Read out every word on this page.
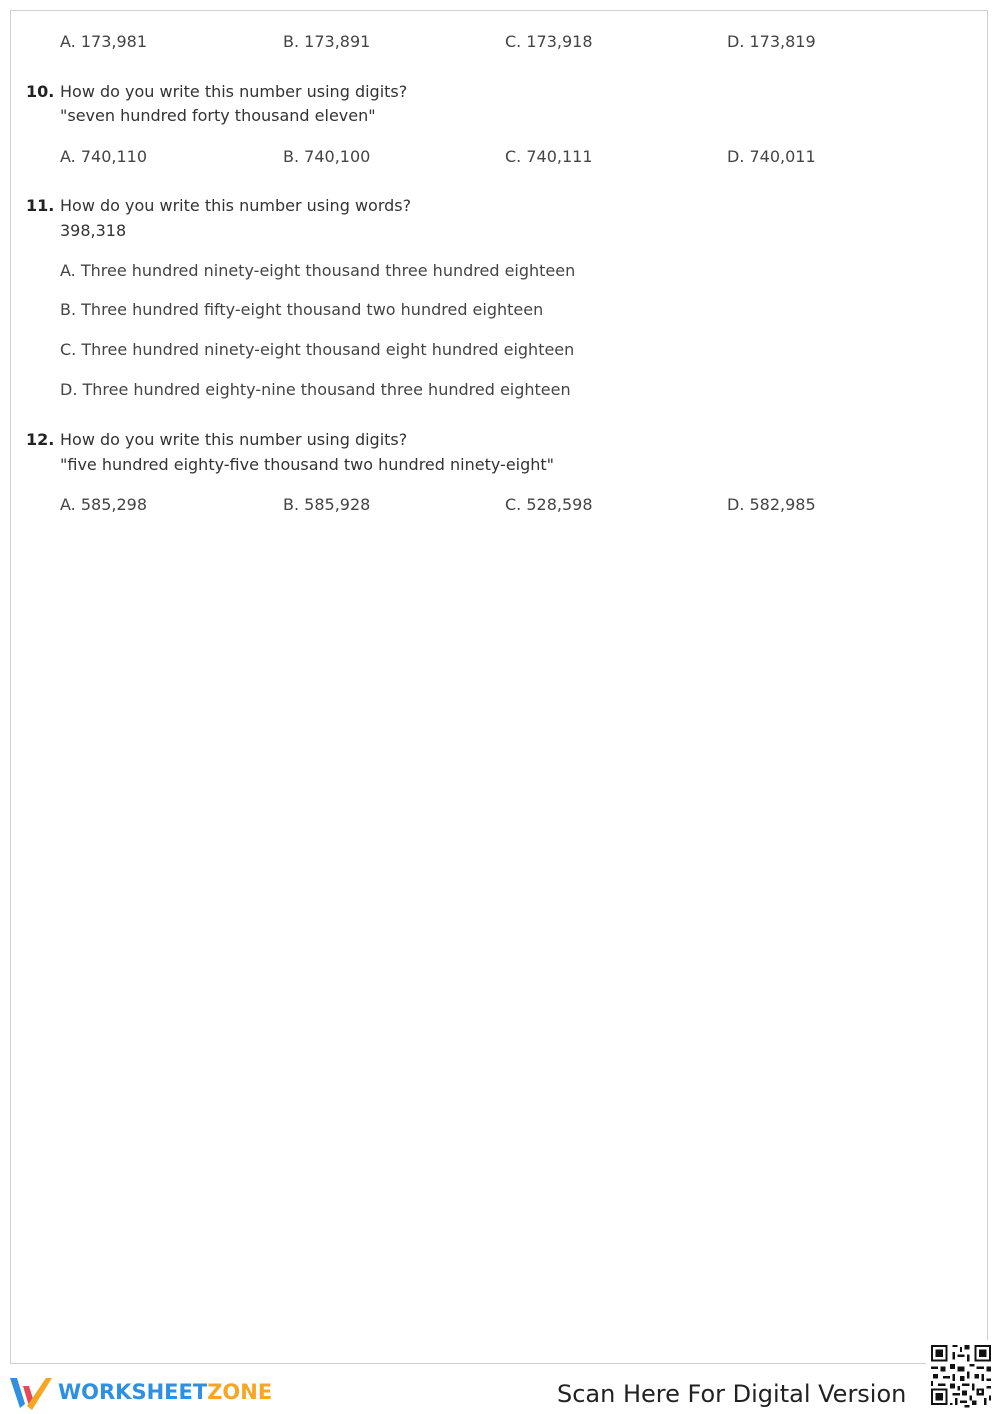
A. 173,981	B. 173,891	C. 173,918	D. 173,819
10. How do you write this number using digits?
"seven hundred forty thousand eleven"
A. 740,110	B. 740,100	C. 740,111	D. 740,011
11. How do you write this number using words?
398,318
A. Three hundred ninety-eight thousand three hundred eighteen
B. Three hundred fifty-eight thousand two hundred eighteen
C. Three hundred ninety-eight thousand eight hundred eighteen
D. Three hundred eighty-nine thousand three hundred eighteen
12. How do you write this number using digits?
"five hundred eighty-five thousand two hundred ninety-eight"
A. 585,298	B. 585,928	C. 528,598	D. 582,985
WORKSHEETZONE	Scan Here For Digital Version
